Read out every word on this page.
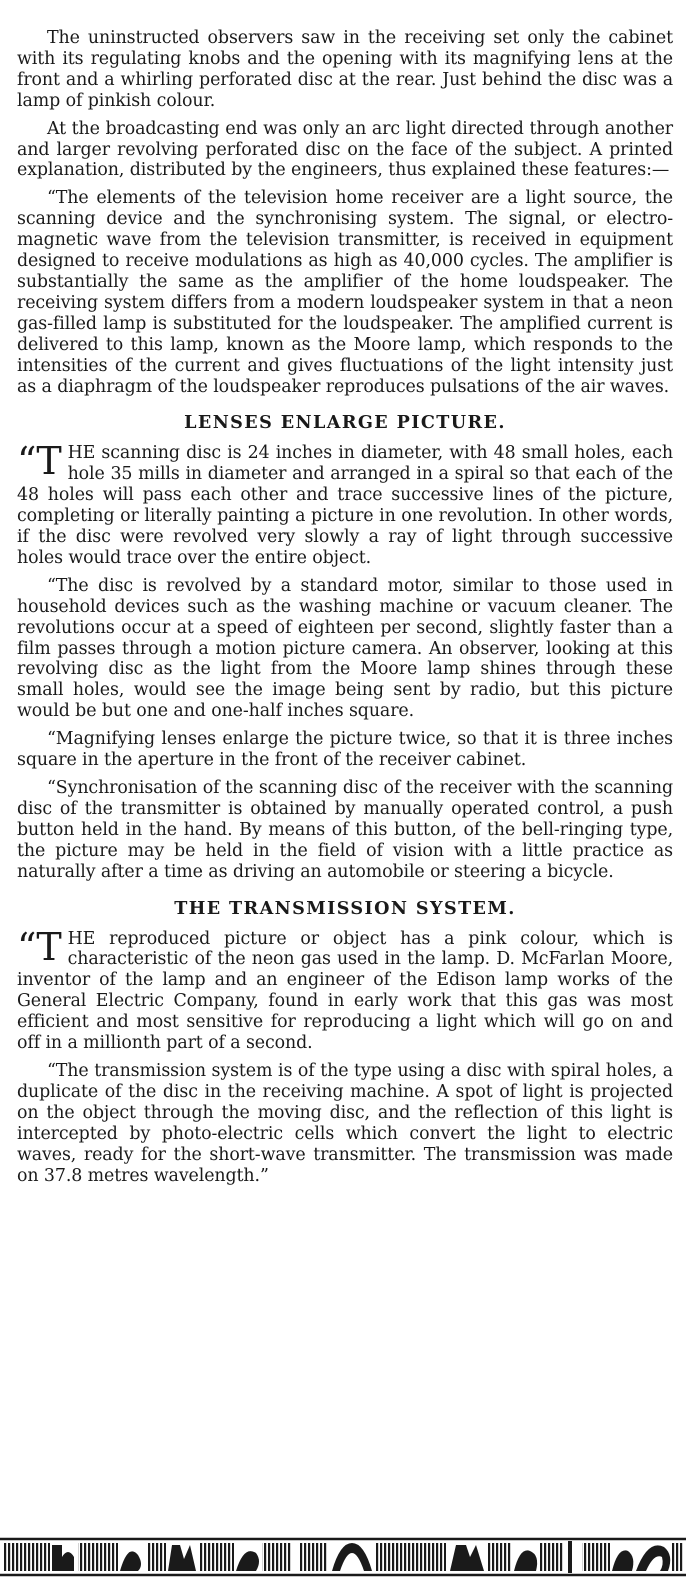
The uninstructed observers saw in the receiving set only the cabinet with its regulating knobs and the opening with its magnifying lens at the front and a whirling perforated disc at the rear. Just behind the disc was a lamp of pinkish colour.

At the broadcasting end was only an arc light directed through another and larger revolving perforated disc on the face of the subject. A printed explanation, distributed by the engineers, thus explained these features:—

“The elements of the television home receiver are a light source, the scanning device and the synchronising system. The signal, or electro-magnetic wave from the television transmitter, is received in equipment designed to receive modulations as high as 40,000 cycles. The amplifier is substantially the same as the amplifier of the home loudspeaker. The receiving system differs from a modern loudspeaker system in that a neon gas-filled lamp is substituted for the loudspeaker. The amplified current is delivered to this lamp, known as the Moore lamp, which responds to the intensities of the current and gives fluctuations of the light intensity just as a diaphragm of the loudspeaker reproduces pulsations of the air waves.

LENSES ENLARGE PICTURE.

“T HE scanning disc is 24 inches in diameter, with 48 small holes, each hole 35 mills in diameter and arranged in a spiral so that each of the 48 holes will pass each other and trace successive lines of the picture, completing or literally painting a picture in one revolution. In other words, if the disc were revolved very slowly a ray of light through successive holes would trace over the entire object.

“The disc is revolved by a standard motor, similar to those used in household devices such as the washing machine or vacuum cleaner. The revolutions occur at a speed of eighteen per second, slightly faster than a film passes through a motion picture camera. An observer, looking at this revolving disc as the light from the Moore lamp shines through these small holes, would see the image being sent by radio, but this picture would be but one and one-half inches square.

“Magnifying lenses enlarge the picture twice, so that it is three inches square in the aperture in the front of the receiver cabinet.

“Synchronisation of the scanning disc of the receiver with the scanning disc of the transmitter is obtained by manually operated control, a push button held in the hand. By means of this button, of the bell-ringing type, the picture may be held in the field of vision with a little practice as naturally after a time as driving an automobile or steering a bicycle.

THE TRANSMISSION SYSTEM.

“T HE reproduced picture or object has a pink colour, which is characteristic of the neon gas used in the lamp. D. McFarlan Moore, inventor of the lamp and an engineer of the Edison lamp works of the General Electric Company, found in early work that this gas was most efficient and most sensitive for reproducing a light which will go on and off in a millionth part of a second.

“The transmission system is of the type using a disc with spiral holes, a duplicate of the disc in the receiving machine. A spot of light is projected on the object through the moving disc, and the reflection of this light is intercepted by photo-electric cells which convert the light to electric waves, ready for the short-wave transmitter. The transmission was made on 37.8 metres wavelength.”
